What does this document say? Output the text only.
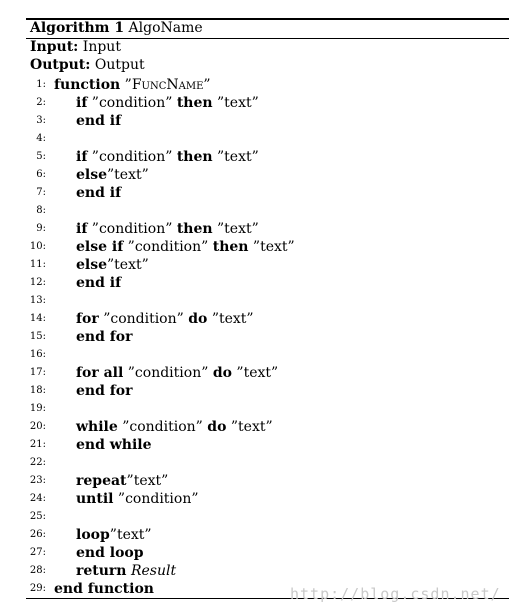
Algorithm 1 AlgoName
Input: Input
Output: Output
1: function ”FuncName”
2: if ”condition” then ”text”
3: end if
4:
5: if ”condition” then ”text”
6: else”text”
7: end if
8:
9: if ”condition” then ”text”
10: else if ”condition” then ”text”
11: else”text”
12: end if
13:
14: for ”condition” do ”text”
15: end for
16:
17: for all ”condition” do ”text”
18: end for
19:
20: while ”condition” do ”text”
21: end while
22:
23: repeat”text”
24: until ”condition”
25:
26: loop”text”
27: end loop
28: return Result
29: end function	http://blog.csdn.net/
